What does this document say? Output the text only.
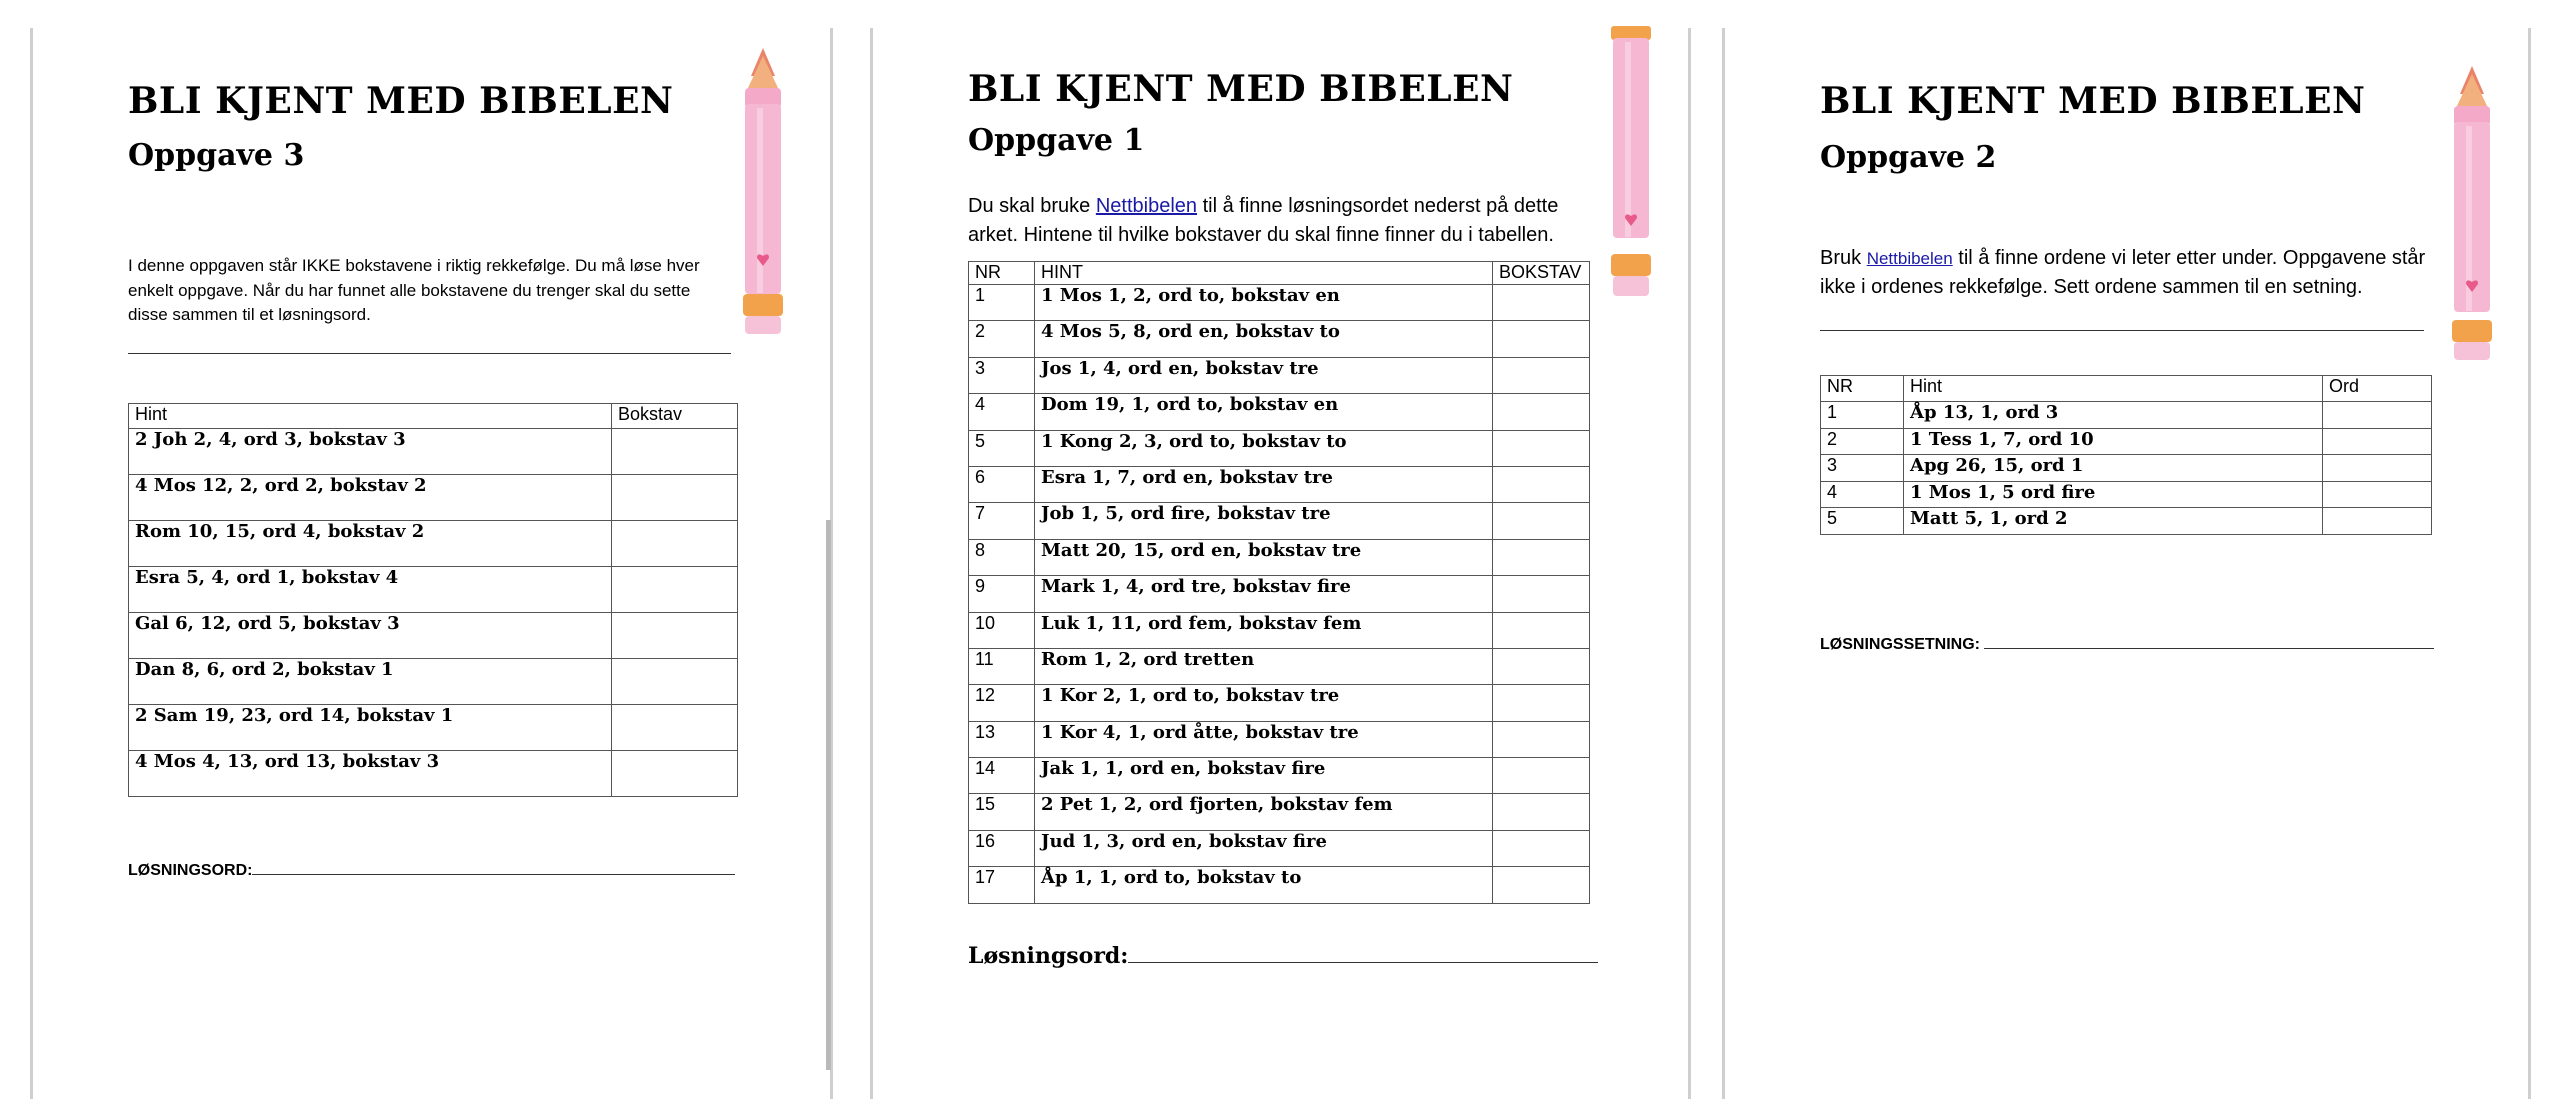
BLI KJENT MED BIBELEN
Oppgave 3
I denne oppgaven står IKKE bokstavene i riktig rekkefølge. Du må løse hver enkelt oppgave. Når du har funnet alle bokstavene du trenger skal du sette disse sammen til et løsningsord.
Hint	Bokstav
2 Joh 2, 4, ord 3, bokstav 3	
4 Mos 12, 2, ord 2, bokstav 2	
Rom 10, 15, ord 4, bokstav 2	
Esra 5, 4, ord 1, bokstav 4	
Gal 6, 12, ord 5, bokstav 3	
Dan 8, 6, ord 2, bokstav 1	
2 Sam 19, 23, ord 14, bokstav 1	
4 Mos 4, 13, ord 13, bokstav 3	
LØSNINGSORD:
BLI KJENT MED BIBELEN
Oppgave 1
Du skal bruke Nettbibelen til å finne løsningsordet nederst på dette arket. Hintene til hvilke bokstaver du skal finne finner du i tabellen.
NR	HINT	BOKSTAV
1	1 Mos 1, 2, ord to, bokstav en	
2	4 Mos 5, 8, ord en, bokstav to	
3	Jos 1, 4, ord en, bokstav tre	
4	Dom 19, 1, ord to, bokstav en	
5	1 Kong 2, 3, ord to, bokstav to	
6	Esra 1, 7, ord en, bokstav tre	
7	Job 1, 5, ord fire, bokstav tre	
8	Matt 20, 15, ord en, bokstav tre	
9	Mark 1, 4, ord tre, bokstav fire	
10	Luk 1, 11, ord fem, bokstav fem	
11	Rom 1, 2, ord tretten	
12	1 Kor 2, 1, ord to, bokstav tre	
13	1 Kor 4, 1, ord åtte, bokstav tre	
14	Jak 1, 1, ord en, bokstav fire	
15	2 Pet 1, 2, ord fjorten, bokstav fem	
16	Jud 1, 3, ord en, bokstav fire	
17	Åp 1, 1, ord to, bokstav to	
Løsningsord:
BLI KJENT MED BIBELEN
Oppgave 2
Bruk Nettbibelen til å finne ordene vi leter etter under. Oppgavene står ikke i ordenes rekkefølge. Sett ordene sammen til en setning.
NR	Hint	Ord
1	Åp 13, 1, ord 3	
2	1 Tess 1, 7, ord 10	
3	Apg 26, 15, ord 1	
4	1 Mos 1, 5 ord fire	
5	Matt 5, 1, ord 2	
LØSNINGSSETNING:
